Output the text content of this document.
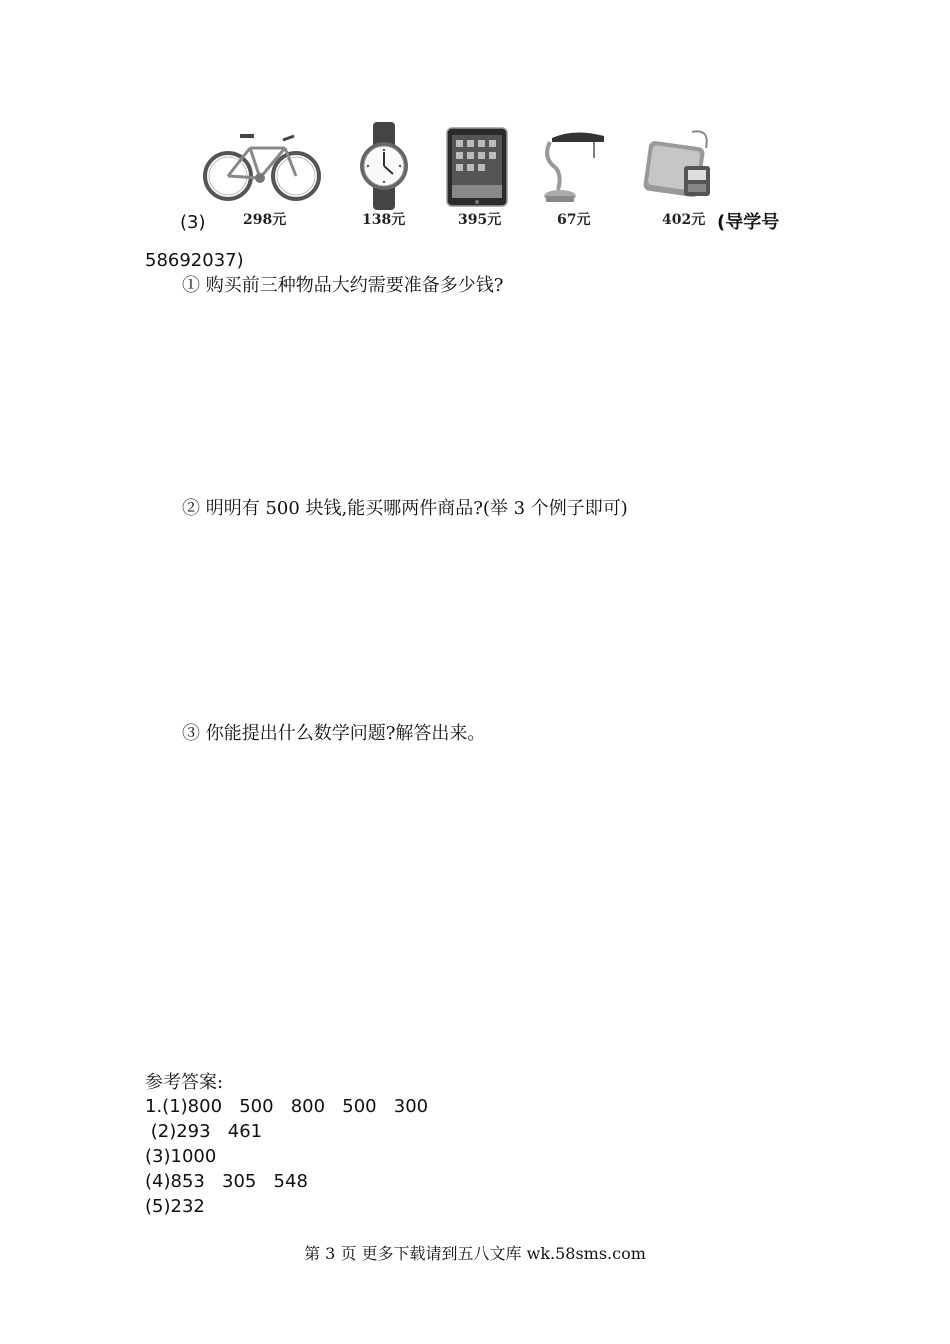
298元	138元	395元	67元	402元
(3)	(导学号
58692037)
① 购买前三种物品大约需要准备多少钱?
② 明明有 500 块钱,能买哪两件商品?(举 3 个例子即可)
③ 你能提出什么数学问题?解答出来。
参考答案:
1.(1)800   500   800   500   300
(2)293   461
(3)1000
(4)853   305   548
(5)232
第 3 页 更多下载请到五八文库 wk.58sms.com
